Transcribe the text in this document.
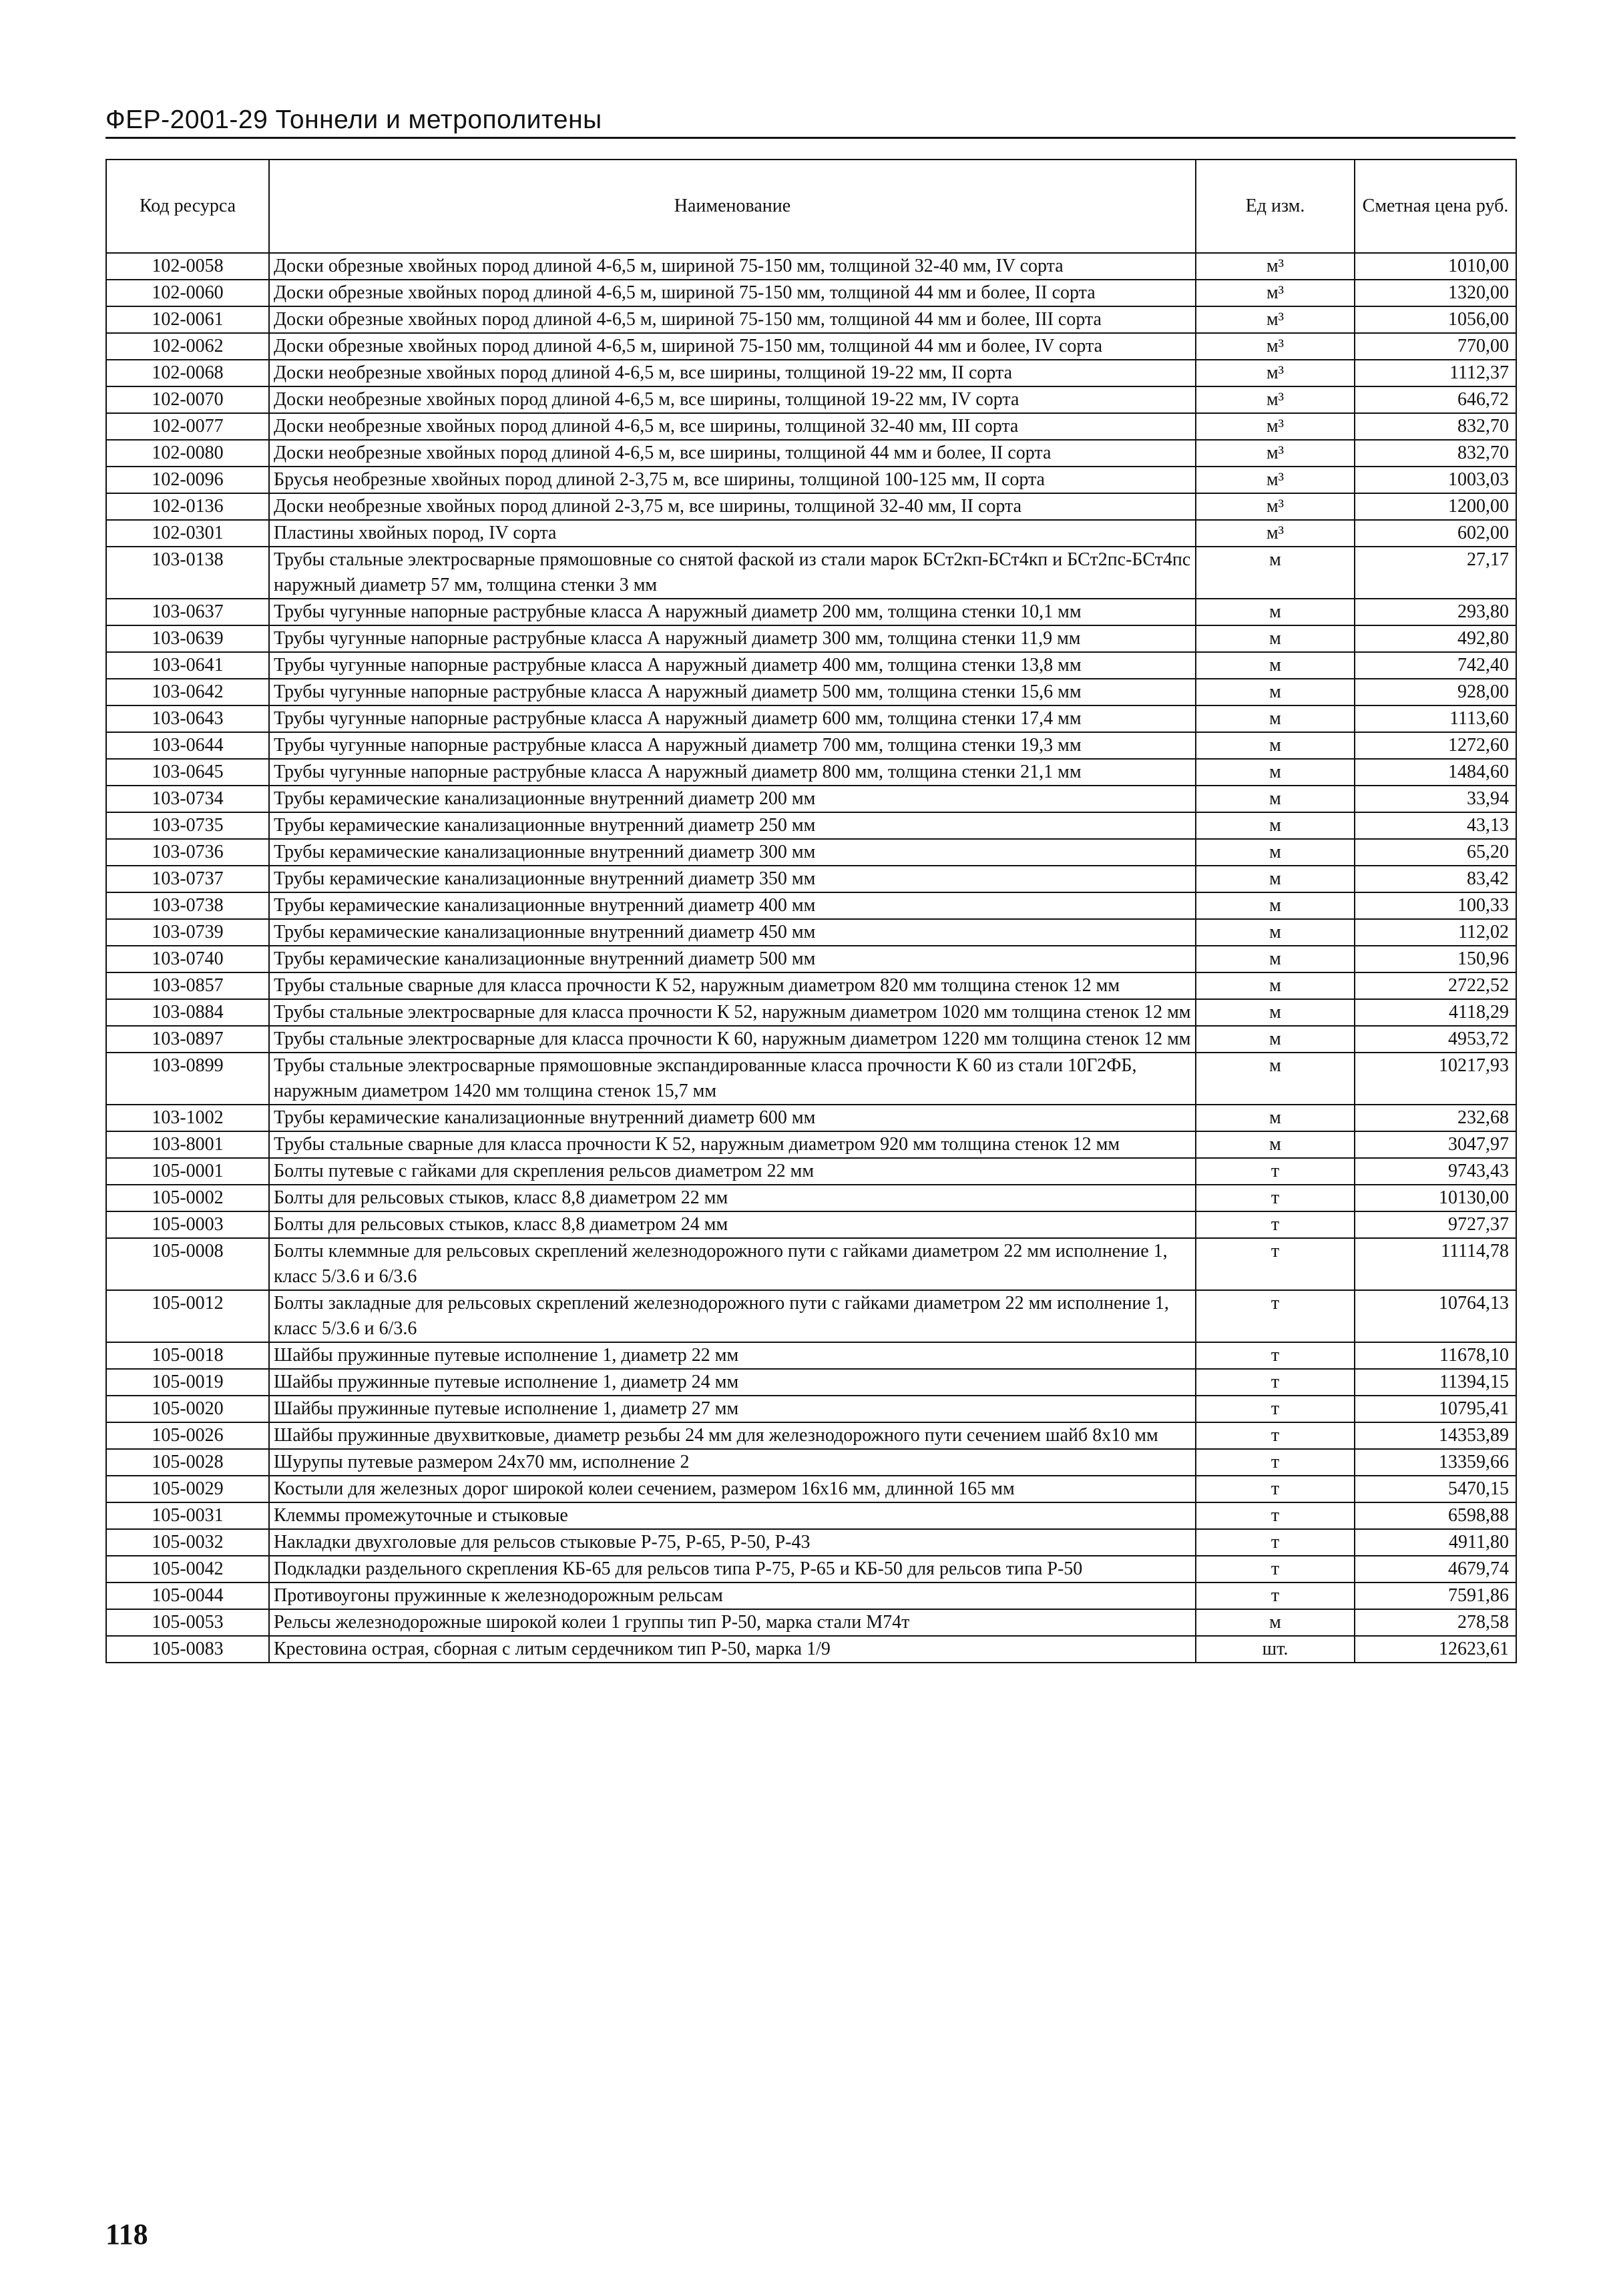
ФЕР-2001-29 Тоннели и метрополитены
Код ресурса	Наименование	Ед изм.	Сметная цена руб.
102-0058	Доски обрезные хвойных пород длиной 4-6,5 м, шириной 75-150 мм, толщиной 32-40 мм, IV сорта	м³	1010,00
102-0060	Доски обрезные хвойных пород длиной 4-6,5 м, шириной 75-150 мм, толщиной 44 мм и более, II сорта	м³	1320,00
102-0061	Доски обрезные хвойных пород длиной 4-6,5 м, шириной 75-150 мм, толщиной 44 мм и более, III сорта	м³	1056,00
102-0062	Доски обрезные хвойных пород длиной 4-6,5 м, шириной 75-150 мм, толщиной 44 мм и более, IV сорта	м³	770,00
102-0068	Доски необрезные хвойных пород длиной 4-6,5 м, все ширины, толщиной 19-22 мм, II сорта	м³	1112,37
102-0070	Доски необрезные хвойных пород длиной 4-6,5 м, все ширины, толщиной 19-22 мм, IV сорта	м³	646,72
102-0077	Доски необрезные хвойных пород длиной 4-6,5 м, все ширины, толщиной 32-40 мм, III сорта	м³	832,70
102-0080	Доски необрезные хвойных пород длиной 4-6,5 м, все ширины, толщиной 44 мм и более, II сорта	м³	832,70
102-0096	Брусья необрезные хвойных пород длиной 2-3,75 м, все ширины, толщиной 100-125 мм, II сорта	м³	1003,03
102-0136	Доски необрезные хвойных пород длиной 2-3,75 м, все ширины, толщиной 32-40 мм, II сорта	м³	1200,00
102-0301	Пластины хвойных пород, IV сорта	м³	602,00
103-0138	Трубы стальные электросварные прямошовные со снятой фаской из стали марок БСт2кп-БСт4кп и БСт2пс-БСт4пс наружный диаметр 57 мм, толщина стенки 3 мм	м	27,17
103-0637	Трубы чугунные напорные раструбные класса А наружный диаметр 200 мм, толщина стенки 10,1 мм	м	293,80
103-0639	Трубы чугунные напорные раструбные класса А наружный диаметр 300 мм, толщина стенки 11,9 мм	м	492,80
103-0641	Трубы чугунные напорные раструбные класса А наружный диаметр 400 мм, толщина стенки 13,8 мм	м	742,40
103-0642	Трубы чугунные напорные раструбные класса А наружный диаметр 500 мм, толщина стенки 15,6 мм	м	928,00
103-0643	Трубы чугунные напорные раструбные класса А наружный диаметр 600 мм, толщина стенки 17,4 мм	м	1113,60
103-0644	Трубы чугунные напорные раструбные класса А наружный диаметр 700 мм, толщина стенки 19,3 мм	м	1272,60
103-0645	Трубы чугунные напорные раструбные класса А наружный диаметр 800 мм, толщина стенки 21,1 мм	м	1484,60
103-0734	Трубы керамические канализационные внутренний диаметр 200 мм	м	33,94
103-0735	Трубы керамические канализационные внутренний диаметр 250 мм	м	43,13
103-0736	Трубы керамические канализационные внутренний диаметр 300 мм	м	65,20
103-0737	Трубы керамические канализационные внутренний диаметр 350 мм	м	83,42
103-0738	Трубы керамические канализационные внутренний диаметр 400 мм	м	100,33
103-0739	Трубы керамические канализационные внутренний диаметр 450 мм	м	112,02
103-0740	Трубы керамические канализационные внутренний диаметр 500 мм	м	150,96
103-0857	Трубы стальные сварные для класса прочности К 52, наружным диаметром 820 мм толщина стенок 12 мм	м	2722,52
103-0884	Трубы стальные электросварные для класса прочности К 52, наружным диаметром 1020 мм толщина стенок 12 мм	м	4118,29
103-0897	Трубы стальные электросварные для класса прочности К 60, наружным диаметром 1220 мм толщина стенок 12 мм	м	4953,72
103-0899	Трубы стальные электросварные прямошовные экспандированные класса прочности К 60 из стали 10Г2ФБ, наружным диаметром 1420 мм толщина стенок 15,7 мм	м	10217,93
103-1002	Трубы керамические канализационные внутренний диаметр 600 мм	м	232,68
103-8001	Трубы стальные сварные для класса прочности К 52, наружным диаметром 920 мм толщина стенок 12 мм	м	3047,97
105-0001	Болты путевые с гайками для скрепления рельсов диаметром 22 мм	т	9743,43
105-0002	Болты для рельсовых стыков, класс 8,8 диаметром 22 мм	т	10130,00
105-0003	Болты для рельсовых стыков, класс 8,8 диаметром 24 мм	т	9727,37
105-0008	Болты клеммные для рельсовых скреплений железнодорожного пути с гайками диаметром 22 мм исполнение 1, класс 5/3.6 и 6/3.6	т	11114,78
105-0012	Болты закладные для рельсовых скреплений железнодорожного пути с гайками диаметром 22 мм исполнение 1, класс 5/3.6 и 6/3.6	т	10764,13
105-0018	Шайбы пружинные путевые исполнение 1, диаметр 22 мм	т	11678,10
105-0019	Шайбы пружинные путевые исполнение 1, диаметр 24 мм	т	11394,15
105-0020	Шайбы пружинные путевые исполнение 1, диаметр 27 мм	т	10795,41
105-0026	Шайбы пружинные двухвитковые, диаметр резьбы 24 мм для железнодорожного пути сечением шайб 8х10 мм	т	14353,89
105-0028	Шурупы путевые размером 24х70 мм, исполнение 2	т	13359,66
105-0029	Костыли для железных дорог широкой колеи сечением, размером 16х16 мм, длинной 165 мм	т	5470,15
105-0031	Клеммы промежуточные и стыковые	т	6598,88
105-0032	Накладки двухголовые для рельсов стыковые Р-75, Р-65, Р-50, Р-43	т	4911,80
105-0042	Подкладки раздельного скрепления КБ-65 для рельсов типа Р-75, Р-65 и КБ-50 для рельсов типа Р-50	т	4679,74
105-0044	Противоугоны пружинные к железнодорожным рельсам	т	7591,86
105-0053	Рельсы железнодорожные широкой колеи 1 группы тип Р-50, марка стали М74т	м	278,58
105-0083	Крестовина острая, сборная с литым сердечником тип Р-50, марка 1/9	шт.	12623,61
118
